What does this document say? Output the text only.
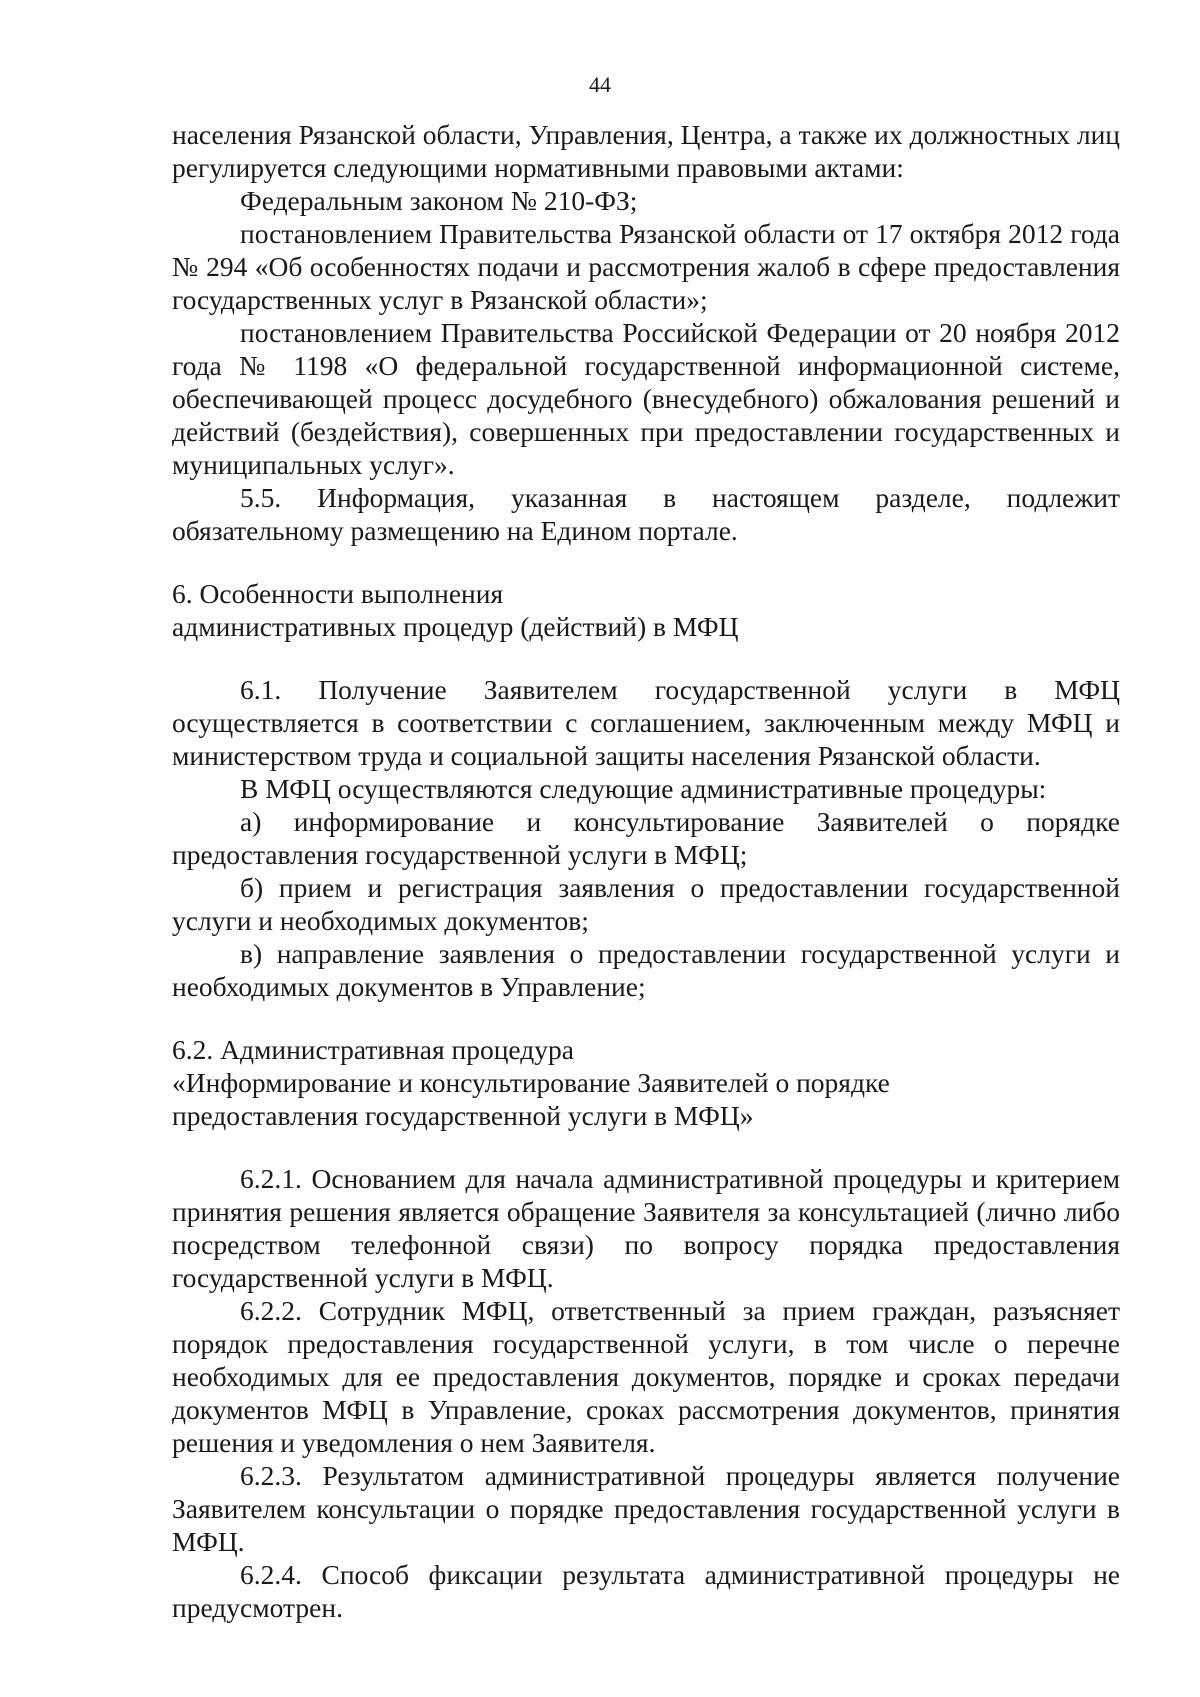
44

населения Рязанской области, Управления, Центра, а также их должностных лиц регулируется следующими нормативными правовыми актами:

Федеральным законом № 210-ФЗ;

постановлением Правительства Рязанской области от 17 октября 2012 года № 294 «Об особенностях подачи и рассмотрения жалоб в сфере предоставления государственных услуг в Рязанской области»;

постановлением Правительства Российской Федерации от 20 ноября 2012 года № 1198 «О федеральной государственной информационной системе, обеспечивающей процесс досудебного (внесудебного) обжалования решений и действий (бездействия), совершенных при предоставлении государственных и муниципальных услуг».

5.5. Информация, указанная в настоящем разделе, подлежит обязательному размещению на Едином портале.

6. Особенности выполнения

административных процедур (действий) в МФЦ

6.1. Получение Заявителем государственной услуги в МФЦ осуществляется в соответствии с соглашением, заключенным между МФЦ и министерством труда и социальной защиты населения Рязанской области.

В МФЦ осуществляются следующие административные процедуры:

а) информирование и консультирование Заявителей о порядке предоставления государственной услуги в МФЦ;

б) прием и регистрация заявления о предоставлении государственной услуги и необходимых документов;

в) направление заявления о предоставлении государственной услуги и необходимых документов в Управление;

6.2. Административная процедура

«Информирование и консультирование Заявителей о порядке

предоставления государственной услуги в МФЦ»

6.2.1. Основанием для начала административной процедуры и критерием принятия решения является обращение Заявителя за консультацией (лично либо посредством телефонной связи) по вопросу порядка предоставления государственной услуги в МФЦ.

6.2.2. Сотрудник МФЦ, ответственный за прием граждан, разъясняет порядок предоставления государственной услуги, в том числе о перечне необходимых для ее предоставления документов, порядке и сроках передачи документов МФЦ в Управление, сроках рассмотрения документов, принятия решения и уведомления о нем Заявителя.

6.2.3. Результатом административной процедуры является получение Заявителем консультации о порядке предоставления государственной услуги в МФЦ.

6.2.4. Способ фиксации результата административной процедуры не предусмотрен.
